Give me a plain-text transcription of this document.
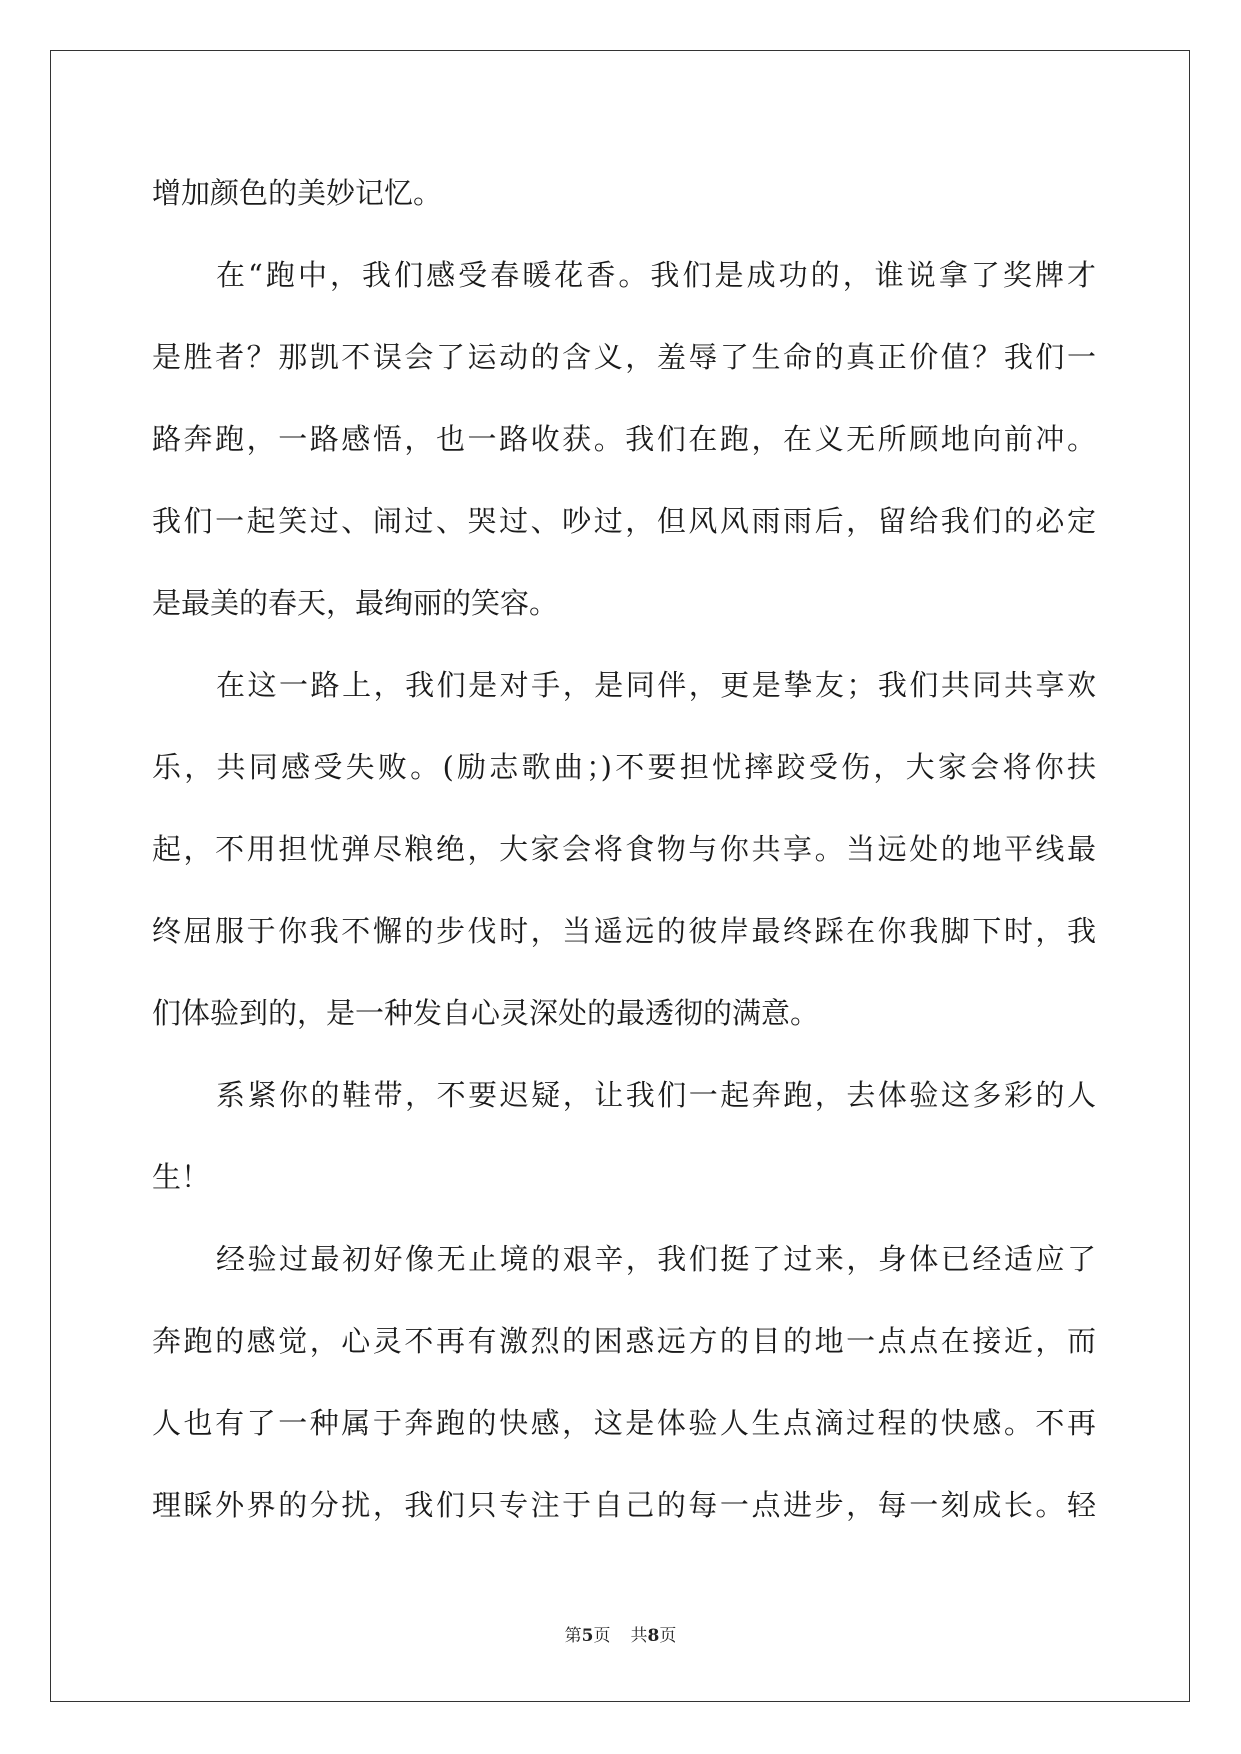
增加颜色的美妙记忆。
在“跑中，我们感受春暖花香。我们是成功的，谁说拿了奖牌才
是胜者？那凯不误会了运动的含义，羞辱了生命的真正价值？我们一
路奔跑，一路感悟，也一路收获。我们在跑，在义无所顾地向前冲。
我们一起笑过、闹过、哭过、吵过，但风风雨雨后，留给我们的必定
是最美的春天，最绚丽的笑容。
在这一路上，我们是对手，是同伴，更是挚友；我们共同共享欢
乐，共同感受失败。(励志歌曲；)不要担忧摔跤受伤，大家会将你扶
起，不用担忧弹尽粮绝，大家会将食物与你共享。当远处的地平线最
终屈服于你我不懈的步伐时，当遥远的彼岸最终踩在你我脚下时，我
们体验到的，是一种发自心灵深处的最透彻的满意。
系紧你的鞋带，不要迟疑，让我们一起奔跑，去体验这多彩的人
生！
经验过最初好像无止境的艰辛，我们挺了过来，身体已经适应了
奔跑的感觉，心灵不再有激烈的困惑远方的目的地一点点在接近，而
人也有了一种属于奔跑的快感，这是体验人生点滴过程的快感。不再
理睬外界的分扰，我们只专注于自己的每一点进步，每一刻成长。轻
第5页 共8页
